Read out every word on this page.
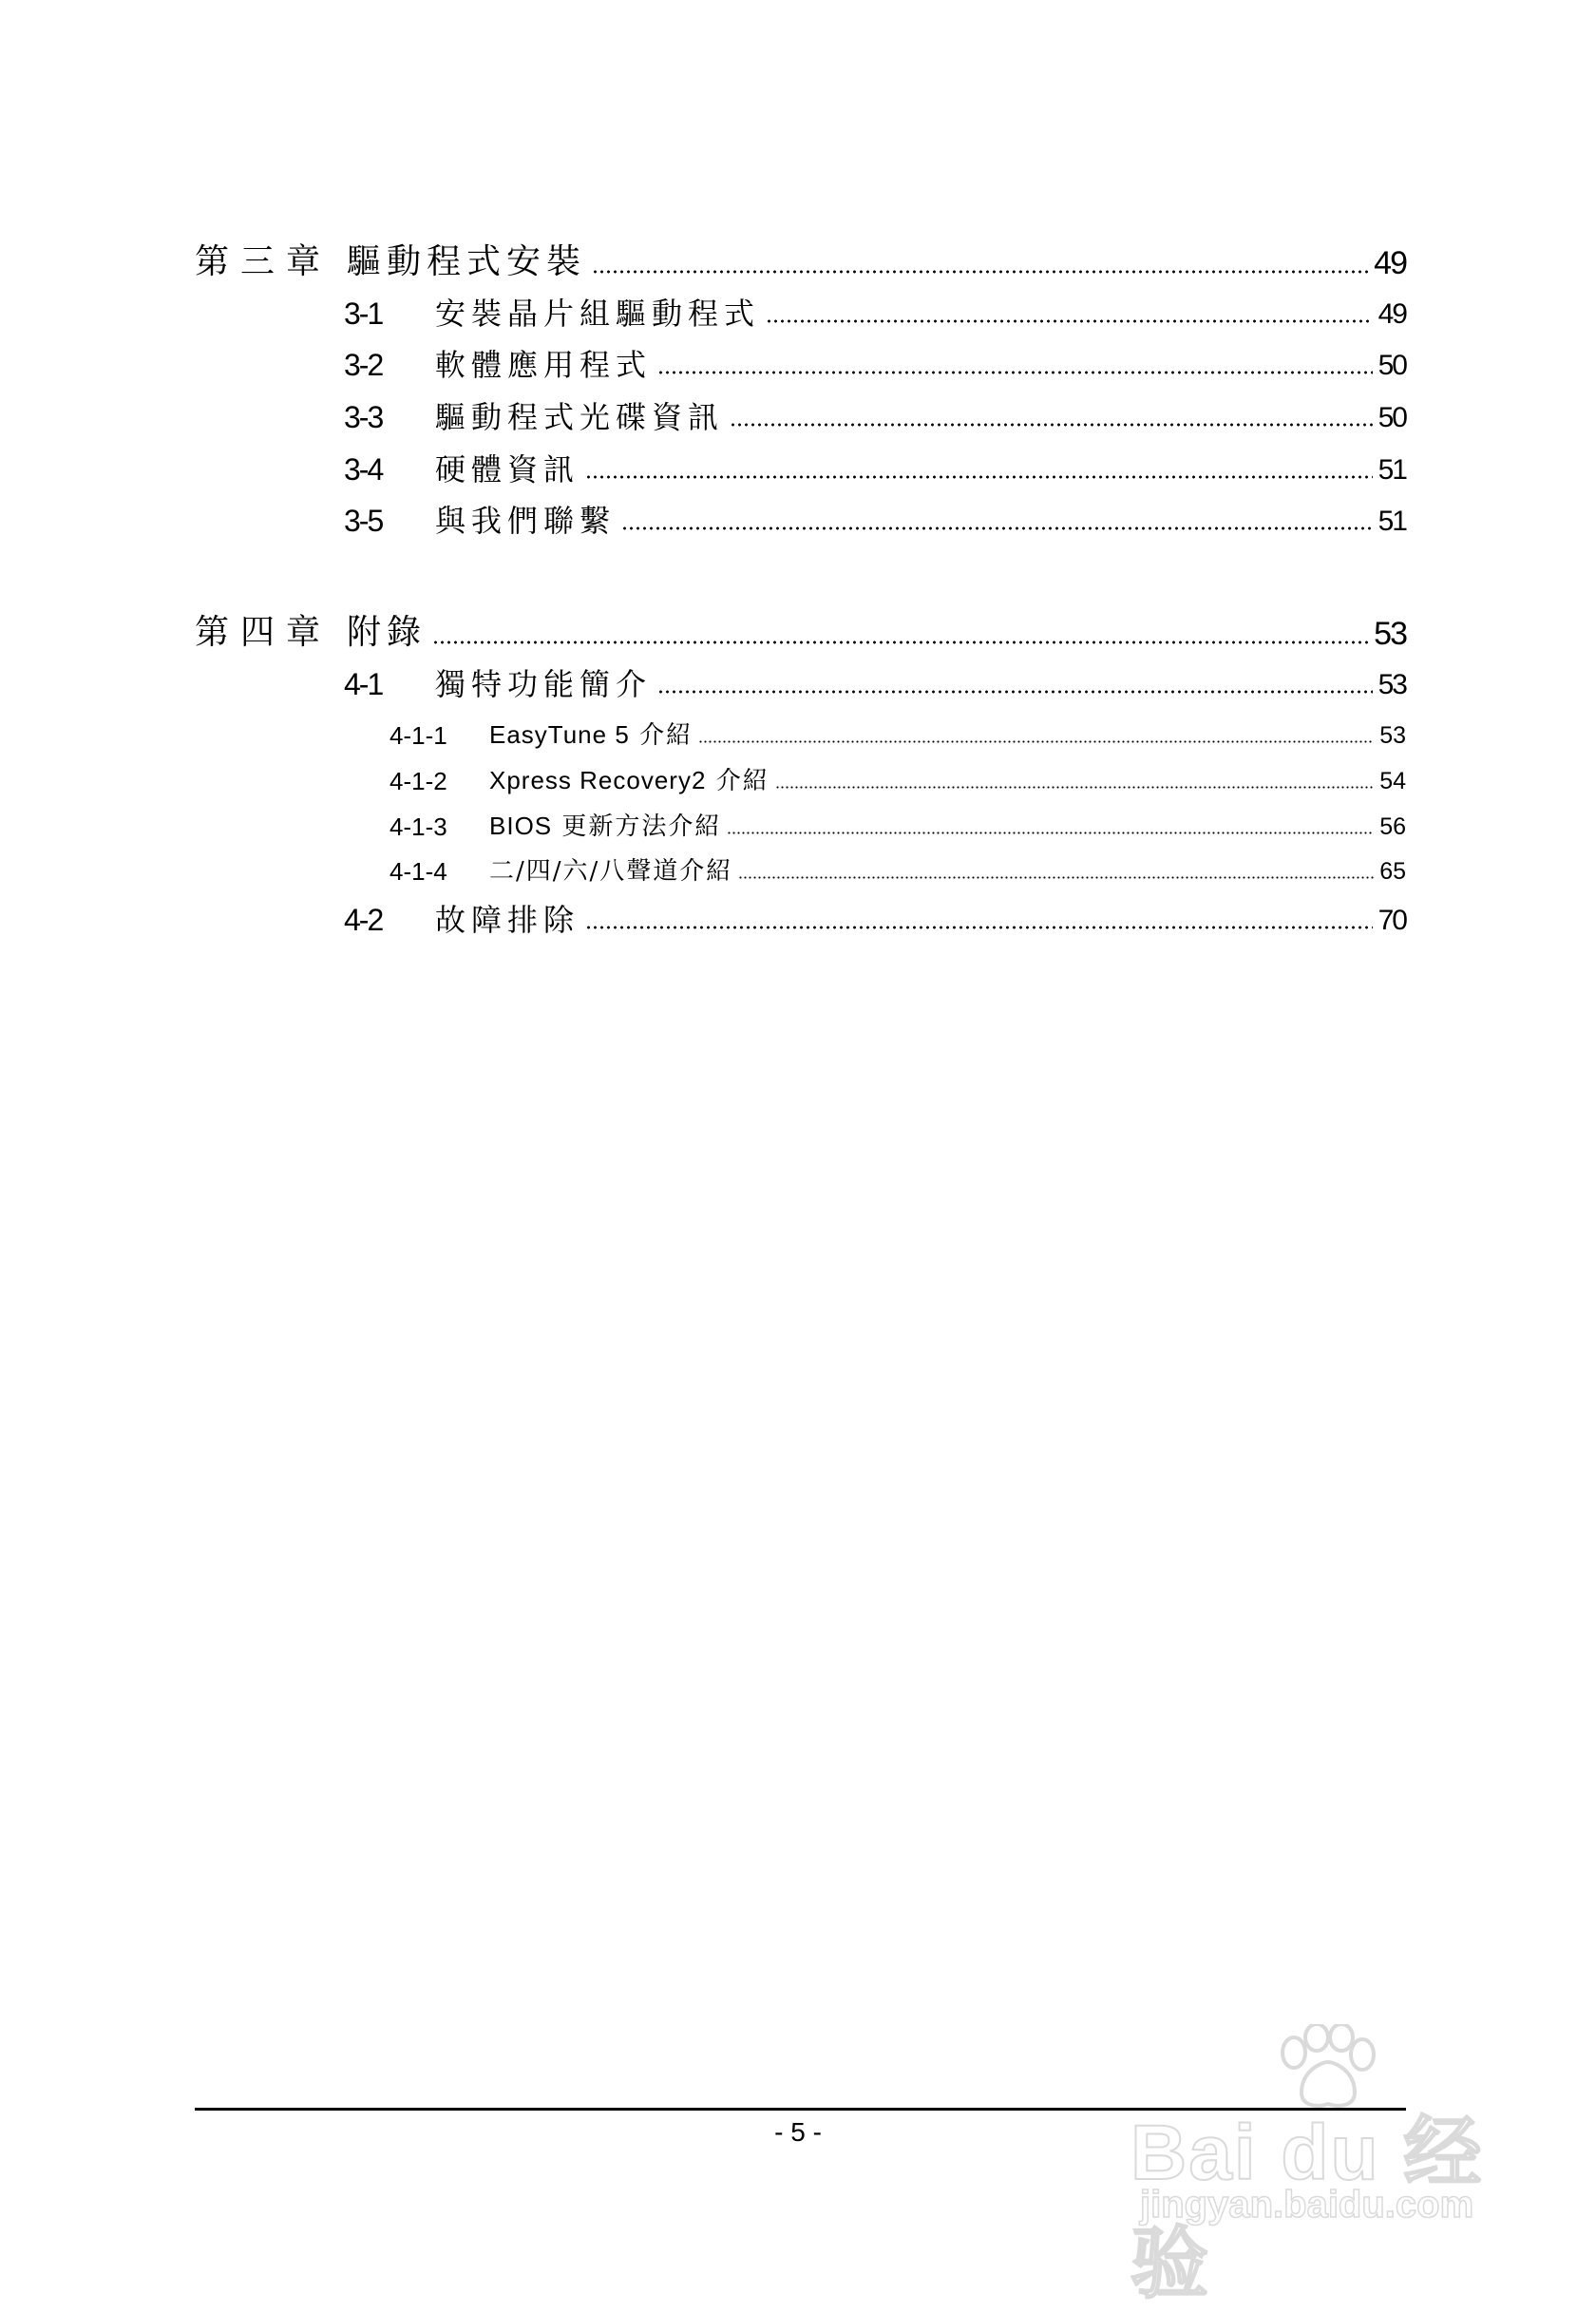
第三章 驅動程式安裝	49
3-1	安裝晶片組驅動程式	49
3-2	軟體應用程式	50
3-3	驅動程式光碟資訊	50
3-4	硬體資訊	51
3-5	與我們聯繫	51
第四章 附錄	53
4-1	獨特功能簡介	53
4-1-1	EasyTune 5 介紹	53
4-1-2	Xpress Recovery2 介紹	54
4-1-3	BIOS 更新方法介紹	56
4-1-4	二/四/六/八聲道介紹	65
4-2	故障排除	70
- 5 -	Bai du 经验
jingyan.baidu.com
